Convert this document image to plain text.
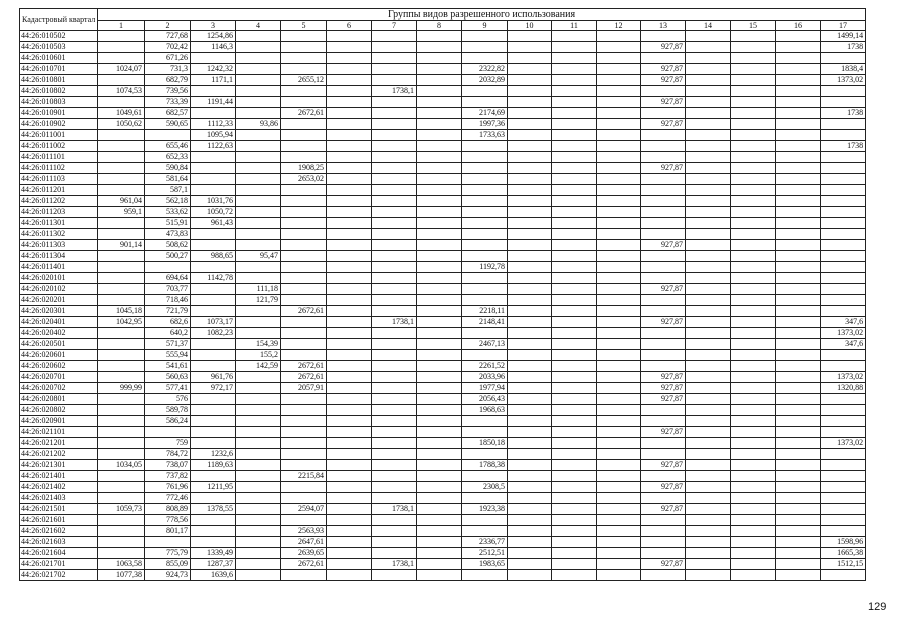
Кадастровый квартал	Группы видов разрешенного использования																
	1	2	3	4	5	6	7	8	9	10	11	12	13	14	15	16	17
44:26:010502		727,68	1254,86														1499,14
44:26:010503		702,42	1146,3										927,87				1738
44:26:010601		671,26															
44:26:010701	1024,07	731,3	1242,32						2322,82				927,87				1838,4
44:26:010801		682,79	1171,1		2655,12				2032,89				927,87				1373,02
44:26:010802	1074,53	739,56					1738,1										
44:26:010803		733,39	1191,44										927,87				
44:26:010901	1049,61	682,57			2672,61				2174,69								1738
44:26:010902	1050,62	590,65	1112,33	93,86					1997,36				927,87				
44:26:011001			1095,94						1733,63								
44:26:011002		655,46	1122,63														1738
44:26:011101		652,33															
44:26:011102		590,84			1908,25								927,87				
44:26:011103		581,64			2653,02												
44:26:011201		587,1															
44:26:011202	961,04	562,18	1031,76														
44:26:011203	959,1	533,62	1050,72														
44:26:011301		515,91	961,43														
44:26:011302		473,83															
44:26:011303	901,14	508,62											927,87				
44:26:011304		500,27	988,65	95,47													
44:26:011401									1192,78								
44:26:020101		694,64	1142,78														
44:26:020102		703,77		111,18									927,87				
44:26:020201		718,46		121,79													
44:26:020301	1045,18	721,79			2672,61				2218,11								
44:26:020401	1042,95	682,6	1073,17				1738,1		2148,41				927,87				347,6
44:26:020402		640,2	1082,23														1373,02
44:26:020501		571,37		154,39					2467,13								347,6
44:26:020601		555,94		155,2													
44:26:020602		541,61		142,59	2672,61				2261,52								
44:26:020701		560,63	961,76		2672,61				2033,96				927,87				1373,02
44:26:020702	999,99	577,41	972,17		2057,91				1977,94				927,87				1320,88
44:26:020801		576							2056,43				927,87				
44:26:020802		589,78							1968,63								
44:26:020901		586,24															
44:26:021101													927,87				
44:26:021201		759							1850,18								1373,02
44:26:021202		784,72	1232,6														
44:26:021301	1034,05	738,07	1189,63						1788,38				927,87				
44:26:021401		737,82			2215,84												
44:26:021402		761,96	1211,95						2308,5				927,87				
44:26:021403		772,46															
44:26:021501	1059,73	808,89	1378,55		2594,07		1738,1		1923,38				927,87				
44:26:021601		778,56															
44:26:021602		801,17			2563,93												
44:26:021603					2647,61				2336,77								1598,96
44:26:021604		775,79	1339,49		2639,65				2512,51								1665,38
44:26:021701	1063,58	855,09	1287,37		2672,61		1738,1		1983,65				927,87				1512,15
44:26:021702	1077,38	924,73	1639,6														
129
